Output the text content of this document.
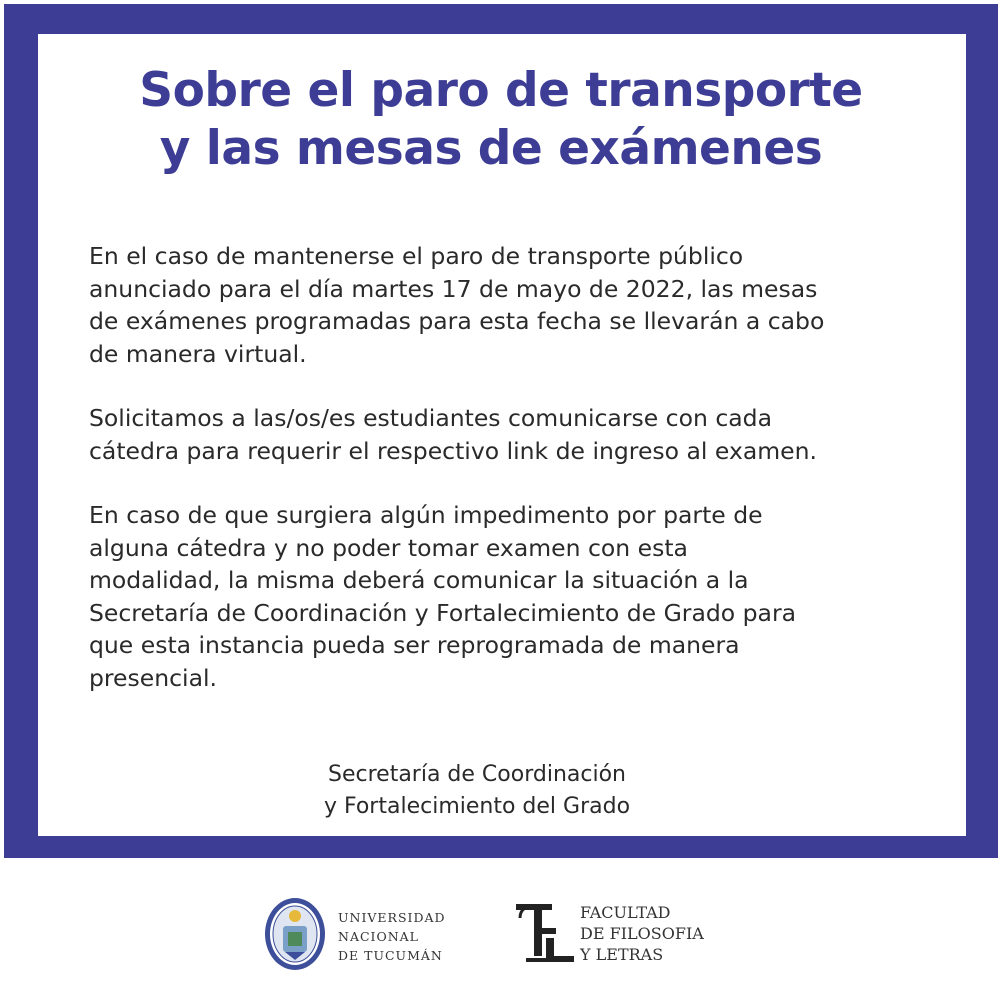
Sobre el paro de transporte
y las mesas de exámenes

En el caso de mantenerse el paro de transporte público
anunciado para el día martes 17 de mayo de 2022, las mesas
de exámenes programadas para esta fecha se llevarán a cabo
de manera virtual.

Solicitamos a las/os/es estudiantes comunicarse con cada
cátedra para requerir el respectivo link de ingreso al examen.

En caso de que surgiera algún impedimento por parte de
alguna cátedra y no poder tomar examen con esta
modalidad, la misma deberá comunicar la situación a la
Secretaría de Coordinación y Fortalecimiento de Grado para
que esta instancia pueda ser reprogramada de manera
presencial.

Secretaría de Coordinación
y Fortalecimiento del Grado
UNIVERSIDAD
NACIONAL
DE TUCUMÁN
FACULTAD
DE FILOSOFIA
Y LETRAS
